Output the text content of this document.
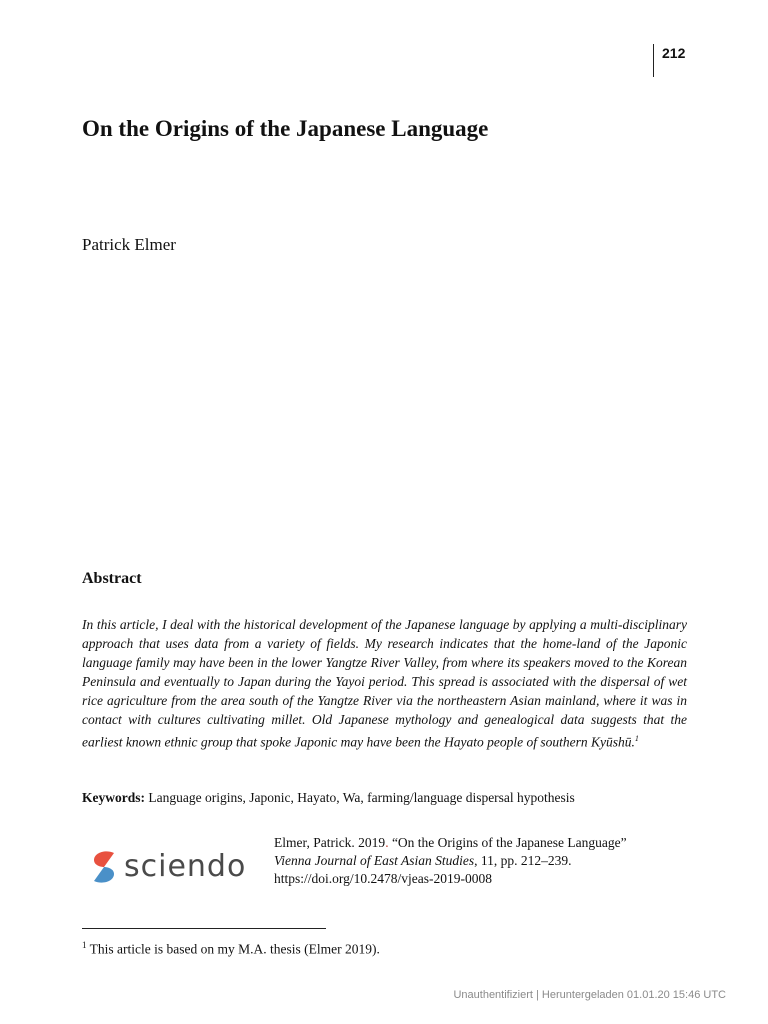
212
On the Origins of the Japanese Language
Patrick Elmer
Abstract

In this article, I deal with the historical development of the Japanese language by applying a multi-disciplinary approach that uses data from a variety of fields. My research indicates that the home-land of the Japonic language family may have been in the lower Yangtze River Valley, from where its speakers moved to the Korean Peninsula and eventually to Japan during the Yayoi period. This spread is associated with the dispersal of wet rice agriculture from the area south of the Yangtze River via the northeastern Asian mainland, where it was in contact with cultures cultivating millet. Old Japanese mythology and genealogical data suggests that the earliest known ethnic group that spoke Japonic may have been the Hayato people of southern Kyūshū.$^1$

Keywords: Language origins, Japonic, Hayato, Wa, farming/language dispersal hypothesis
sciendo
Elmer, Patrick. 2019. “On the Origins of the Japanese Language”
Vienna Journal of East Asian Studies, 11, pp. 212–239.
https://doi.org/10.2478/vjeas-2019-0008
$^1$ This article is based on my M.A. thesis (Elmer 2019).
Unauthentifiziert | Heruntergeladen 01.01.20 15:46 UTC
